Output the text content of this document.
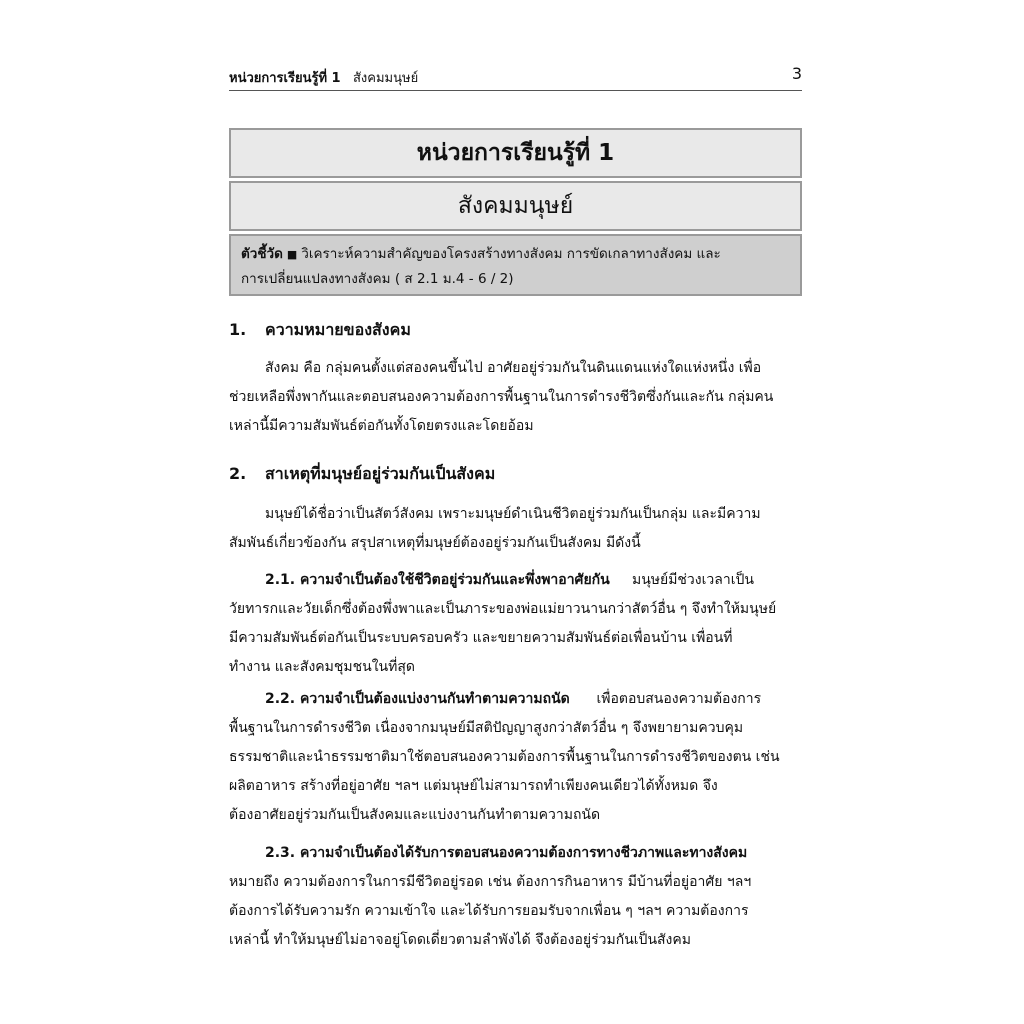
หน่วยการเรียนรู้ที่ 1 สังคมมนุษย์	3
หน่วยการเรียนรู้ที่ 1
สังคมมนุษย์
ตัวชี้วัด ■ วิเคราะห์ความสำคัญของโครงสร้างทางสังคม การขัดเกลาทางสังคม และ
การเปลี่ยนแปลงทางสังคม ( ส 2.1 ม.4 - 6 / 2)
1. ความหมายของสังคม
สังคม คือ กลุ่มคนตั้งแต่สองคนขึ้นไป อาศัยอยู่ร่วมกันในดินแดนแห่งใดแห่งหนึ่ง เพื่อ
ช่วยเหลือพึ่งพากันและตอบสนองความต้องการพื้นฐานในการดำรงชีวิตซึ่งกันและกัน กลุ่มคน
เหล่านี้มีความสัมพันธ์ต่อกันทั้งโดยตรงและโดยอ้อม
2. สาเหตุที่มนุษย์อยู่ร่วมกันเป็นสังคม
มนุษย์ได้ชื่อว่าเป็นสัตว์สังคม เพราะมนุษย์ดำเนินชีวิตอยู่ร่วมกันเป็นกลุ่ม และมีความ
สัมพันธ์เกี่ยวข้องกัน สรุปสาเหตุที่มนุษย์ต้องอยู่ร่วมกันเป็นสังคม มีดังนี้
2.1. ความจำเป็นต้องใช้ชีวิตอยู่ร่วมกันและพึ่งพาอาศัยกัน มนุษย์มีช่วงเวลาเป็น
วัยทารกและวัยเด็กซึ่งต้องพึ่งพาและเป็นภาระของพ่อแม่ยาวนานกว่าสัตว์อื่น ๆ จึงทำให้มนุษย์
มีความสัมพันธ์ต่อกันเป็นระบบครอบครัว และขยายความสัมพันธ์ต่อเพื่อนบ้าน เพื่อนที่
ทำงาน และสังคมชุมชนในที่สุด
2.2. ความจำเป็นต้องแบ่งงานกันทำตามความถนัด เพื่อตอบสนองความต้องการ
พื้นฐานในการดำรงชีวิต เนื่องจากมนุษย์มีสติปัญญาสูงกว่าสัตว์อื่น ๆ จึงพยายามควบคุม
ธรรมชาติและนำธรรมชาติมาใช้ตอบสนองความต้องการพื้นฐานในการดำรงชีวิตของตน เช่น
ผลิตอาหาร สร้างที่อยู่อาศัย ฯลฯ แต่มนุษย์ไม่สามารถทำเพียงคนเดียวได้ทั้งหมด จึง
ต้องอาศัยอยู่ร่วมกันเป็นสังคมและแบ่งงานกันทำตามความถนัด
2.3. ความจำเป็นต้องได้รับการตอบสนองความต้องการทางชีวภาพและทางสังคม
หมายถึง ความต้องการในการมีชีวิตอยู่รอด เช่น ต้องการกินอาหาร มีบ้านที่อยู่อาศัย ฯลฯ
ต้องการได้รับความรัก ความเข้าใจ และได้รับการยอมรับจากเพื่อน ๆ ฯลฯ ความต้องการ
เหล่านี้ ทำให้มนุษย์ไม่อาจอยู่โดดเดี่ยวตามลำพังได้ จึงต้องอยู่ร่วมกันเป็นสังคม
